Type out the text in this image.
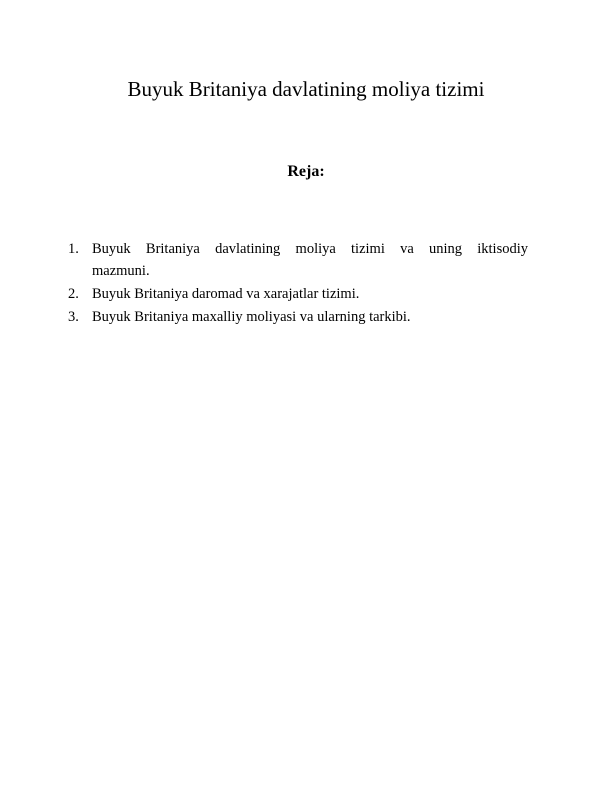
Buyuk Britaniya davlatining moliya tizimi
Reja:
1. Buyuk Britaniya davlatining moliya tizimi va uning iktisodiy mazmuni.
2. Buyuk Britaniya daromad va xarajatlar tizimi.
3. Buyuk Britaniya maxalliy moliyasi va ularning tarkibi.
